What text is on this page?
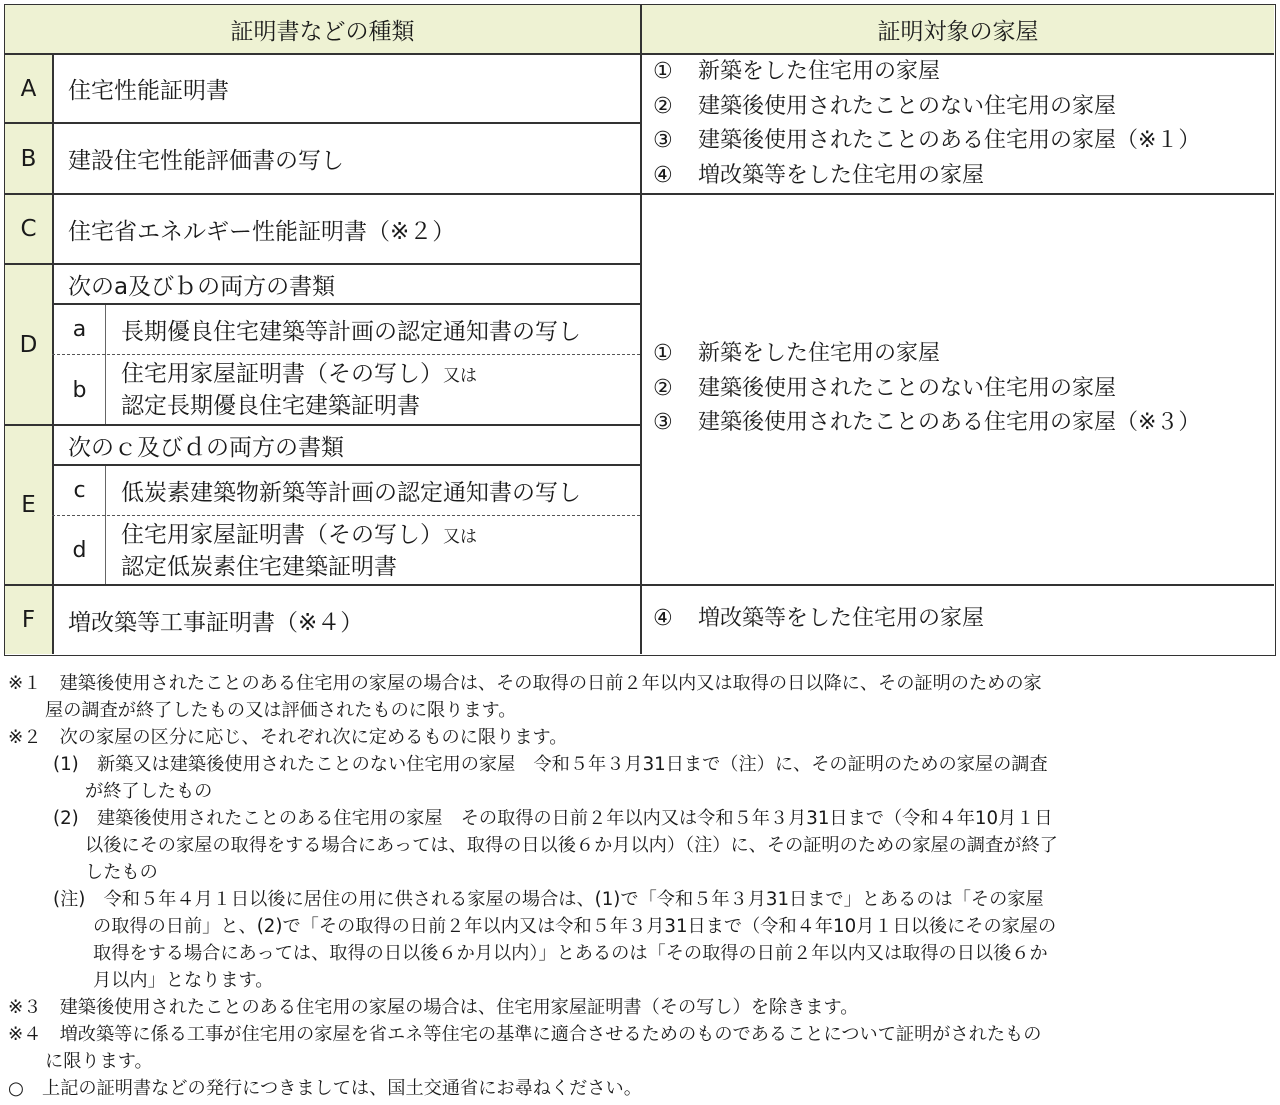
証明書などの種類	証明対象の家屋
A
B
C
D
E
F
住宅性能証明書
建設住宅性能評価書の写し
住宅省エネルギー性能証明書（※２）
次のa及びｂの両方の書類
a 長期優良住宅建築等計画の認定通知書の写し
b
住宅用家屋証明書（その写し）又は
認定長期優良住宅建築証明書
次のｃ及びｄの両方の書類
c 低炭素建築物新築等計画の認定通知書の写し
d
住宅用家屋証明書（その写し）又は
認定低炭素住宅建築証明書
増改築等工事証明書（※４）
① 新築をした住宅用の家屋
② 建築後使用されたことのない住宅用の家屋
③ 建築後使用されたことのある住宅用の家屋（※１）
④ 増改築等をした住宅用の家屋
① 新築をした住宅用の家屋
② 建築後使用されたことのない住宅用の家屋
③ 建築後使用されたことのある住宅用の家屋（※３）
④ 増改築等をした住宅用の家屋

※１　建築後使用されたことのある住宅用の家屋の場合は、その取得の日前２年以内又は取得の日以降に、その証明のための家

屋の調査が終了したもの又は評価されたものに限ります。

※２　次の家屋の区分に応じ、それぞれ次に定めるものに限ります。

(1)　新築又は建築後使用されたことのない住宅用の家屋　令和５年３月31日まで（注）に、その証明のための家屋の調査

が終了したもの

(2)　建築後使用されたことのある住宅用の家屋　その取得の日前２年以内又は令和５年３月31日まで（令和４年10月１日

以後にその家屋の取得をする場合にあっては、取得の日以後６か月以内）（注）に、その証明のための家屋の調査が終了

したもの

(注)　令和５年４月１日以後に居住の用に供される家屋の場合は、(1)で「令和５年３月31日まで」とあるのは「その家屋

の取得の日前」と、(2)で「その取得の日前２年以内又は令和５年３月31日まで（令和４年10月１日以後にその家屋の

取得をする場合にあっては、取得の日以後６か月以内）」とあるのは「その取得の日前２年以内又は取得の日以後６か

月以内」となります。

※３　建築後使用されたことのある住宅用の家屋の場合は、住宅用家屋証明書（その写し）を除きます。

※４　増改築等に係る工事が住宅用の家屋を省エネ等住宅の基準に適合させるためのものであることについて証明がされたもの

に限ります。

○　上記の証明書などの発行につきましては、国土交通省にお尋ねください。
